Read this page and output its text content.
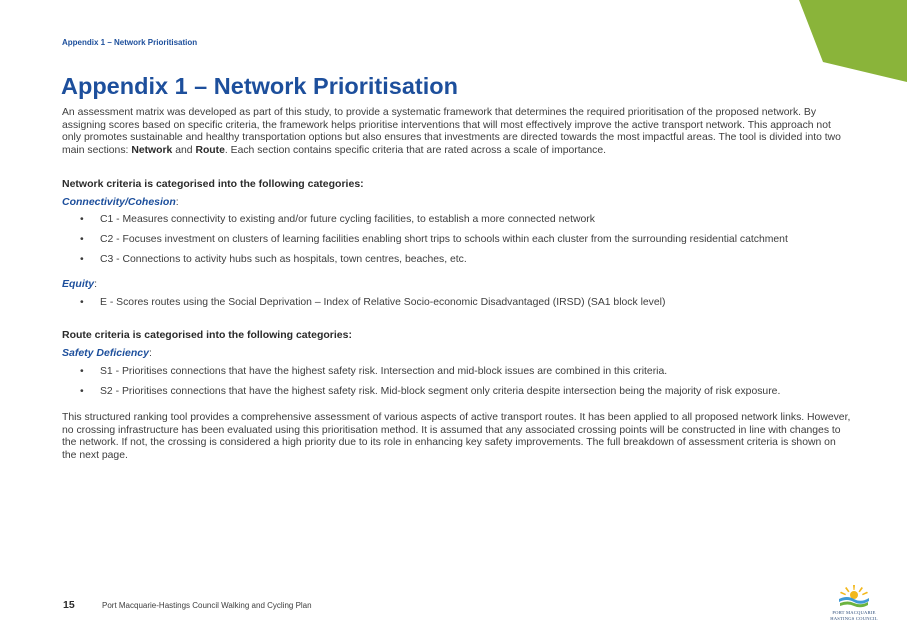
Appendix 1 – Network Prioritisation
Appendix 1 – Network Prioritisation

An assessment matrix was developed as part of this study, to provide a systematic framework that determines the required prioritisation of the proposed network. By assigning scores based on specific criteria, the framework helps prioritise interventions that will most effectively improve the active transport network. This approach not only promotes sustainable and healthy transportation options but also ensures that investments are directed towards the most impactful areas. The tool is divided into two main sections: Network and Route. Each section contains specific criteria that are rated across a scale of importance.

Network criteria is categorised into the following categories:
Connectivity/Cohesion:
• C1 - Measures connectivity to existing and/or future cycling facilities, to establish a more connected network
• C2 - Focuses investment on clusters of learning facilities enabling short trips to schools within each cluster from the surrounding residential catchment
• C3 - Connections to activity hubs such as hospitals, town centres, beaches, etc.
Equity:
• E - Scores routes using the Social Deprivation – Index of Relative Socio-economic Disadvantaged (IRSD) (SA1 block level)
Route criteria is categorised into the following categories:
Safety Deficiency:
• S1 - Prioritises connections that have the highest safety risk. Intersection and mid-block issues are combined in this criteria.
• S2 - Prioritises connections that have the highest safety risk. Mid-block segment only criteria despite intersection being the majority of risk exposure.

This structured ranking tool provides a comprehensive assessment of various aspects of active transport routes. It has been applied to all proposed network links. However, no crossing infrastructure has been evaluated using this prioritisation method. It is assumed that any associated crossing points will be constructed in line with changes to the network. If not, the crossing is considered a high priority due to its role in enhancing key safety improvements. The full breakdown of assessment criteria is shown on the next page.

15	Port Macquarie-Hastings Council Walking and Cycling Plan
PORT MACQUARIE
HASTINGS COUNCIL
